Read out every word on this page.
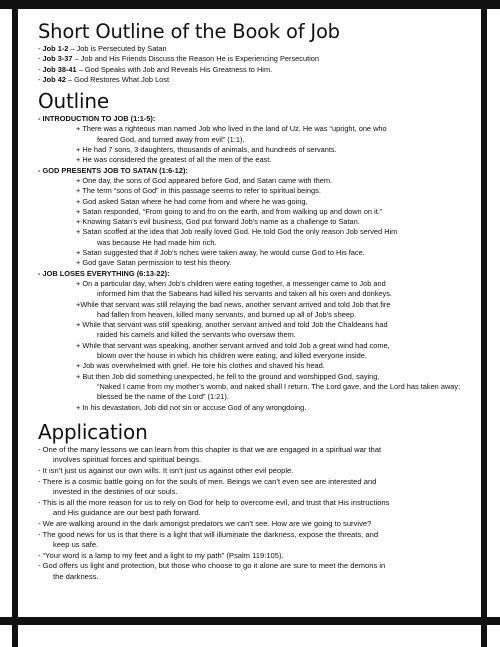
Short Outline of the Book of Job
- Job 1-2 – Job is Persecuted by Satan
- Job 3-37 – Job and His Friends Discuss the Reason He is Experiencing Persecution
- Job 38-41 – God Speaks with Job and Reveals His Greatness to Him.
- Job 42 – God Restores What Job Lost
Outline
- INTRODUCTION TO JOB (1:1-5):
+ There was a righteous man named Job who lived in the land of Uz. He was “upright, one who
feared God, and turned away from evil” (1:1).
+ He had 7 sons, 3 daughters, thousands of animals, and hundreds of servants.
+ He was considered the greatest of all the men of the east.
- GOD PRESENTS JOB TO SATAN (1:6-12):
+ One day, the sons of God appeared before God, and Satan came with them.
+ The term “sons of God” in this passage seems to refer to spiritual beings.
+ God asked Satan where he had come from and where he was going.
+ Satan responded, “From going to and fro on the earth, and from walking up and down on it.”
+ Knowing Satan’s evil business, God put forward Job’s name as a challenge to Satan.
+ Satan scoffed at the idea that Job really loved God. He told God the only reason Job served Him
was because He had made him rich.
+ Satan suggested that if Job’s riches were taken away, he would curse God to His face.
+ God gave Satan permission to test his theory.
- JOB LOSES EVERYTHING (6:13-22):
+ On a particular day, when Job’s children were eating together, a messenger came to Job and
informed him that the Sabeans had killed his servants and taken all his oxen and donkeys.
+While that servant was still relaying the bad news, another servant arrived and told Job that fire
had fallen from heaven, killed many servants, and burned up all of Job’s sheep.
+ While that servant was still speaking, another servant arrived and told Job the Chaldeans had
raided his camels and killed the servants who oversaw them.
+ While that servant was speaking, another servant arrived and told Job a great wind had come,
blown over the house in which his children were eating, and killed everyone inside.
+ Job was overwhelmed with grief. He tore his clothes and shaved his head.
+ But then Job did something unexpected, he fell to the ground and worshipped God, saying,
“Naked I came from my mother’s womb, and naked shall I return. The Lord gave, and the Lord has taken away; blessed be the name of the Lord” (1:21).
+ In his devastation, Job did not sin or accuse God of any wrongdoing.
Application
- One of the many lessons we can learn from this chapter is that we are engaged in a spiritual war that
involves spiritual forces and spiritual beings.
- It isn’t just us against our own wills. It isn’t just us against other evil people.
- There is a cosmic battle going on for the souls of men. Beings we can’t even see are interested and
invested in the destinies of our souls.
- This is all the more reason for us to rely on God for help to overcome evil, and trust that His instructions
and His guidance are our best path forward.
- We are walking around in the dark amongst predators we can’t see. How are we going to survive?
- The good news for us is that there is a light that will illuminate the darkness, expose the threats, and
keep us safe.
- “Your word is a lamp to my feet and a light to my path” (Psalm 119:105).
- God offers us light and protection, but those who choose to go it alone are sure to meet the demons in
the darkness.
